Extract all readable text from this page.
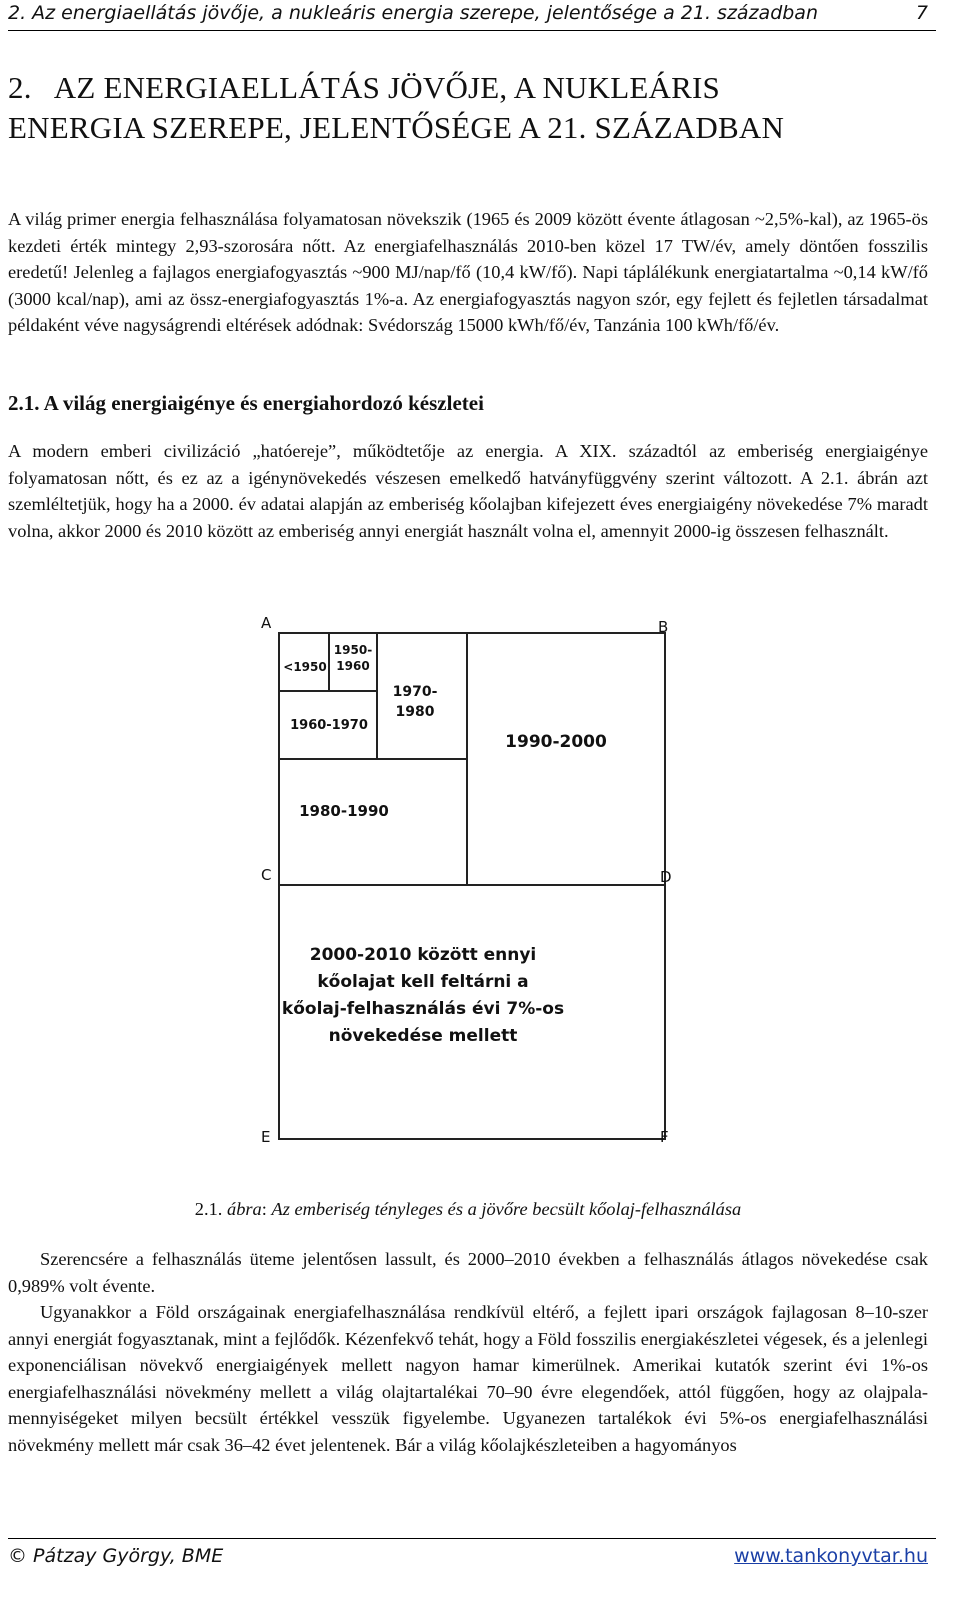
2. Az energiaellátás jövője, a nukleáris energia szerepe, jelentősége a 21. században	7
2.   AZ ENERGIAELLÁTÁS JÖVŐJE, A NUKLEÁRIS
ENERGIA SZEREPE, JELENTŐSÉGE A 21. SZÁZADBAN

A világ primer energia felhasználása folyamatosan növekszik (1965 és 2009 között évente átlagosan ~2,5%-kal), az 1965-ös kezdeti érték mintegy 2,93-szorosára nőtt. Az energiafelhasználás 2010-ben közel 17 TW/év, amely döntően fosszilis eredetű! Jelenleg a fajlagos energiafogyasztás ~900 MJ/nap/fő (10,4 kW/fő). Napi táplálékunk energiatartalma ~0,14 kW/fő (3000 kcal/nap), ami az össz-energiafogyasztás 1%-a. Az energiafogyasztás nagyon szór, egy fejlett és fejletlen társadalmat példaként véve nagyságrendi eltérések adódnak: Svédország 15000 kWh/fő/év, Tanzánia 100 kWh/fő/év.

2.1. A világ energiaigénye és energiahordozó készletei

A modern emberi civilizáció „hatóereje”, működtetője az energia. A XIX. századtól az emberiség energiaigénye folyamatosan nőtt, és ez az a igénynövekedés vészesen emelkedő hatványfüggvény szerint változott. A 2.1. ábrán azt szemléltetjük, hogy ha a 2000. év adatai alapján az emberiség kőolajban kifejezett éves energiaigény növekedése 7% maradt volna, akkor 2000 és 2010 között az emberiség annyi energiát használt volna el, amennyit 2000-ig összesen felhasznált.

A	B
C	D
E	F
<1950
1950-
1960
1960-1970
1970-
1980
1980-1990
1990-2000
2000-2010 között ennyi
kőolajat kell feltárni a
kőolaj-felhasználás évi 7%-os
növekedése mellett
2.1. ábra: Az emberiség tényleges és a jövőre becsült kőolaj-felhasználása

Szerencsére a felhasználás üteme jelentősen lassult, és 2000–2010 években a felhasználás átlagos növekedése csak 0,989% volt évente.

Ugyanakkor a Föld országainak energiafelhasználása rendkívül eltérő, a fejlett ipari országok fajlagosan 8–10-szer annyi energiát fogyasztanak, mint a fejlődők. Kézenfekvő tehát, hogy a Föld fosszilis energiakészletei végesek, és a jelenlegi exponenciálisan növekvő energiaigények mellett nagyon hamar kimerülnek. Amerikai kutatók szerint évi 1%-os energiafelhasználási növekmény mellett a világ olajtartalékai 70–90 évre elegendőek, attól függően, hogy az olajpala-mennyiségeket milyen becsült értékkel vesszük figyelembe. Ugyanezen tartalékok évi 5%-os energiafelhasználási növekmény mellett már csak 36–42 évet jelentenek. Bár a világ kőolajkészleteiben a hagyományos

© Pátzay György, BME	www.tankonyvtar.hu
